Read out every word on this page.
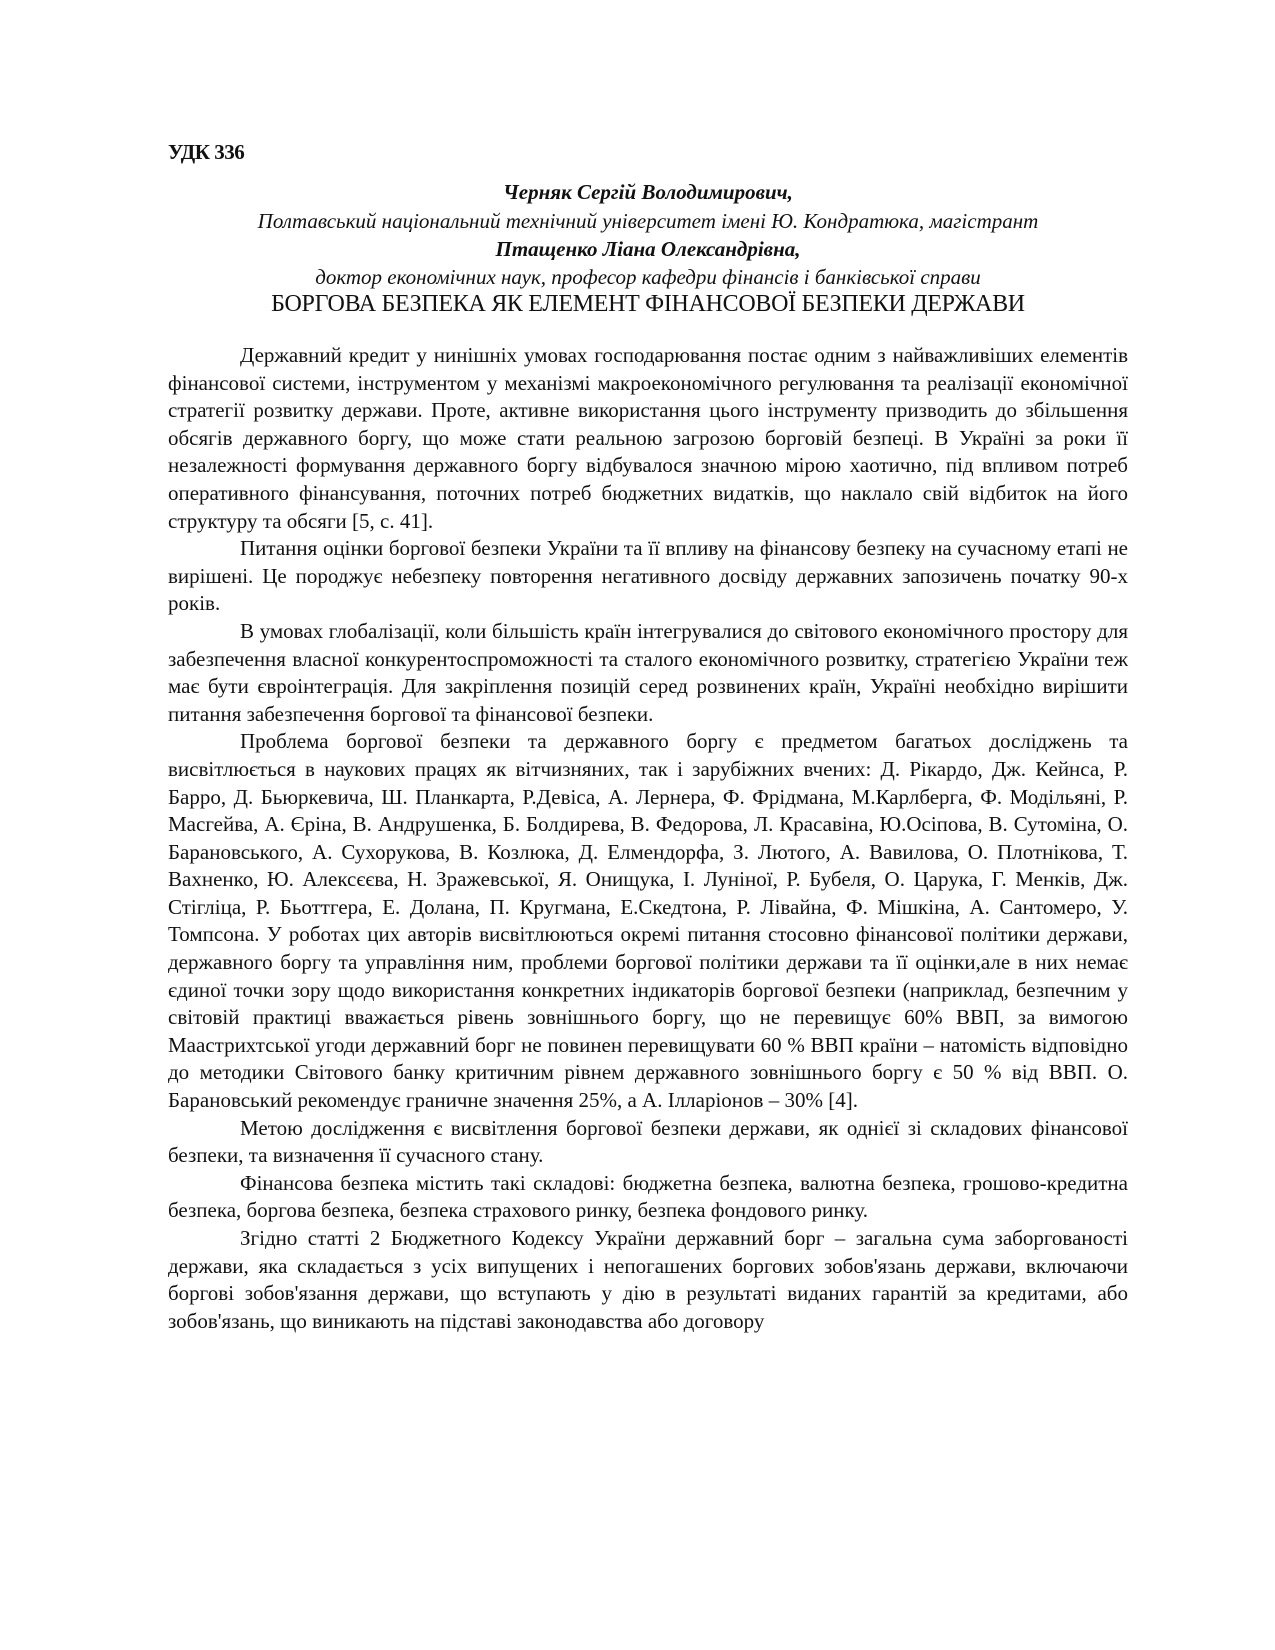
УДК 336
Черняк Сергій Володимирович,
Полтавський національний технічний університет імені Ю. Кондратюка, магістрант
Птащенко Ліана Олександрівна,
доктор економічних наук, професор кафедри фінансів і банківської справи
БОРГОВА БЕЗПЕКА ЯК ЕЛЕМЕНТ ФІНАНСОВОЇ БЕЗПЕКИ ДЕРЖАВИ

Державний кредит у нинішніх умовах господарювання постає одним з найважливіших елементів фінансової системи, інструментом у механізмі макроекономічного регулювання та реалізації економічної стратегії розвитку держави. Проте, активне використання цього інструменту призводить до збільшення обсягів державного боргу, що може стати реальною загрозою борговій безпеці. В Україні за роки її незалежності формування державного боргу відбувалося значною мірою хаотично, під впливом потреб оперативного фінансування, поточних потреб бюджетних видатків, що наклало свій відбиток на його структуру та обсяги [5, с. 41].

Питання оцінки боргової безпеки України та її впливу на фінансову безпеку на сучасному етапі не вирішені. Це породжує небезпеку повторення негативного досвіду державних запозичень початку 90-х років.

В умовах глобалізації, коли більшість країн інтегрувалися до світового економічного простору для забезпечення власної конкурентоспроможності та сталого економічного розвитку, стратегією України теж має бути євроінтеграція. Для закріплення позицій серед розвинених країн, Україні необхідно вирішити питання забезпечення боргової та фінансової безпеки.

Проблема боргової безпеки та державного боргу є предметом багатьох досліджень та висвітлюється в наукових працях як вітчизняних, так і зарубіжних вчених: Д. Рікардо, Дж. Кейнса, Р. Барро, Д. Бьюркевича, Ш. Планкарта, Р.Девіса, А. Лернера, Ф. Фрідмана, М.Карлберга, Ф. Модільяні, Р. Масгейва, А. Єріна, В. Андрушенка, Б. Болдирева, В. Федорова, Л. Красавіна, Ю.Осіпова, В. Сутоміна, О. Барановського, А. Сухорукова, В. Козлюка, Д. Елмендорфа, З. Лютого, А. Вавилова, О. Плотнікова, Т. Вахненко, Ю. Алексєєва, Н. Зражевської, Я. Онищука, І. Луніної, Р. Бубеля, О. Царука, Г. Менків, Дж. Стігліца, Р. Бьоттгера, Е. Долана, П. Кругмана, Е.Скедтона, Р. Лівайна, Ф. Мішкіна, А. Сантомеро, У. Томпсона. У роботах цих авторів висвітлюються окремі питання стосовно фінансової політики держави, державного боргу та управління ним, проблеми боргової політики держави та її оцінки,але в них немає єдиної точки зору щодо використання конкретних індикаторів боргової безпеки (наприклад, безпечним у світовій практиці вважається рівень зовнішнього боргу, що не перевищує 60% ВВП, за вимогою Маастрихтської угоди державний борг не повинен перевищувати 60 % ВВП країни – натомість відповідно до методики Світового банку критичним рівнем державного зовнішнього боргу є 50 % від ВВП. О. Барановський рекомендує граничне значення 25%, а А. Ілларіонов – 30% [4].

Метою дослідження є висвітлення боргової безпеки держави, як однієї зі складових фінансової безпеки, та визначення її сучасного стану.

Фінансова безпека містить такі складові: бюджетна безпека, валютна безпека, грошово-кредитна безпека, боргова безпека, безпека страхового ринку, безпека фондового ринку.

Згідно статті 2 Бюджетного Кодексу України державний борг – загальна сума заборгованості держави, яка складається з усіх випущених і непогашених боргових зобов'язань держави, включаючи боргові зобов'язання держави, що вступають у дію в результаті виданих гарантій за кредитами, або зобов'язань, що виникають на підставі законодавства або договору
